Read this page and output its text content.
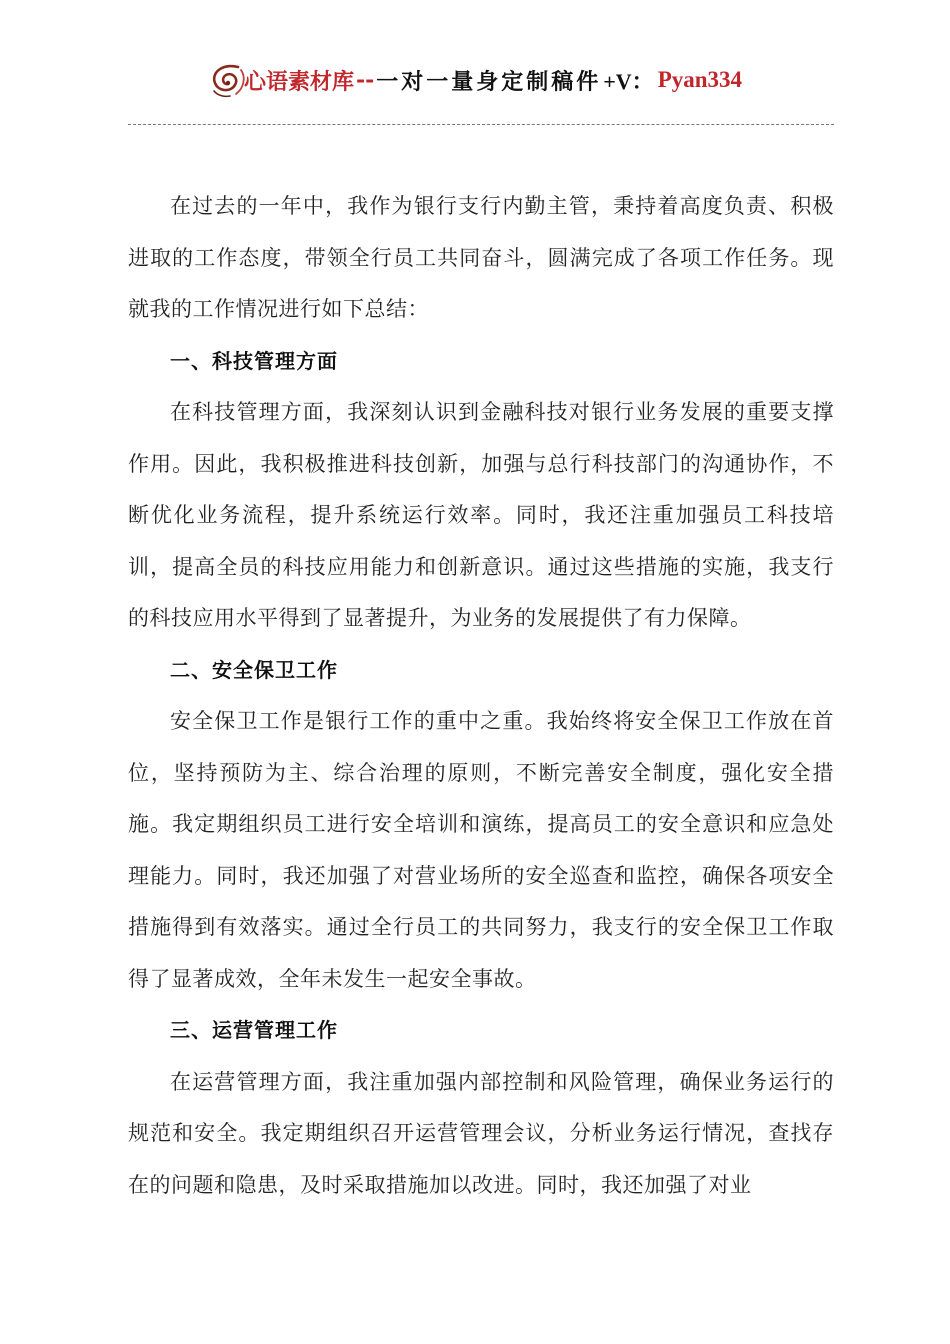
心语素材库 -- 一对一量身定制稿件 +V： Pyan334

在过去的一年中，我作为银行支行内勤主管，秉持着高度负责、积极进取的工作态度，带领全行员工共同奋斗，圆满完成了各项工作任务。现就我的工作情况进行如下总结：

一、科技管理方面

在科技管理方面，我深刻认识到金融科技对银行业务发展的重要支撑作用。因此，我积极推进科技创新，加强与总行科技部门的沟通协作，不断优化业务流程，提升系统运行效率。同时，我还注重加强员工科技培训，提高全员的科技应用能力和创新意识。通过这些措施的实施，我支行的科技应用水平得到了显著提升，为业务的发展提供了有力保障。

二、安全保卫工作

安全保卫工作是银行工作的重中之重。我始终将安全保卫工作放在首位，坚持预防为主、综合治理的原则，不断完善安全制度，强化安全措施。我定期组织员工进行安全培训和演练，提高员工的安全意识和应急处理能力。同时，我还加强了对营业场所的安全巡查和监控，确保各项安全措施得到有效落实。通过全行员工的共同努力，我支行的安全保卫工作取得了显著成效，全年未发生一起安全事故。

三、运营管理工作

在运营管理方面，我注重加强内部控制和风险管理，确保业务运行的规范和安全。我定期组织召开运营管理会议，分析业务运行情况，查找存在的问题和隐患，及时采取措施加以改进。同时，我还加强了对业
